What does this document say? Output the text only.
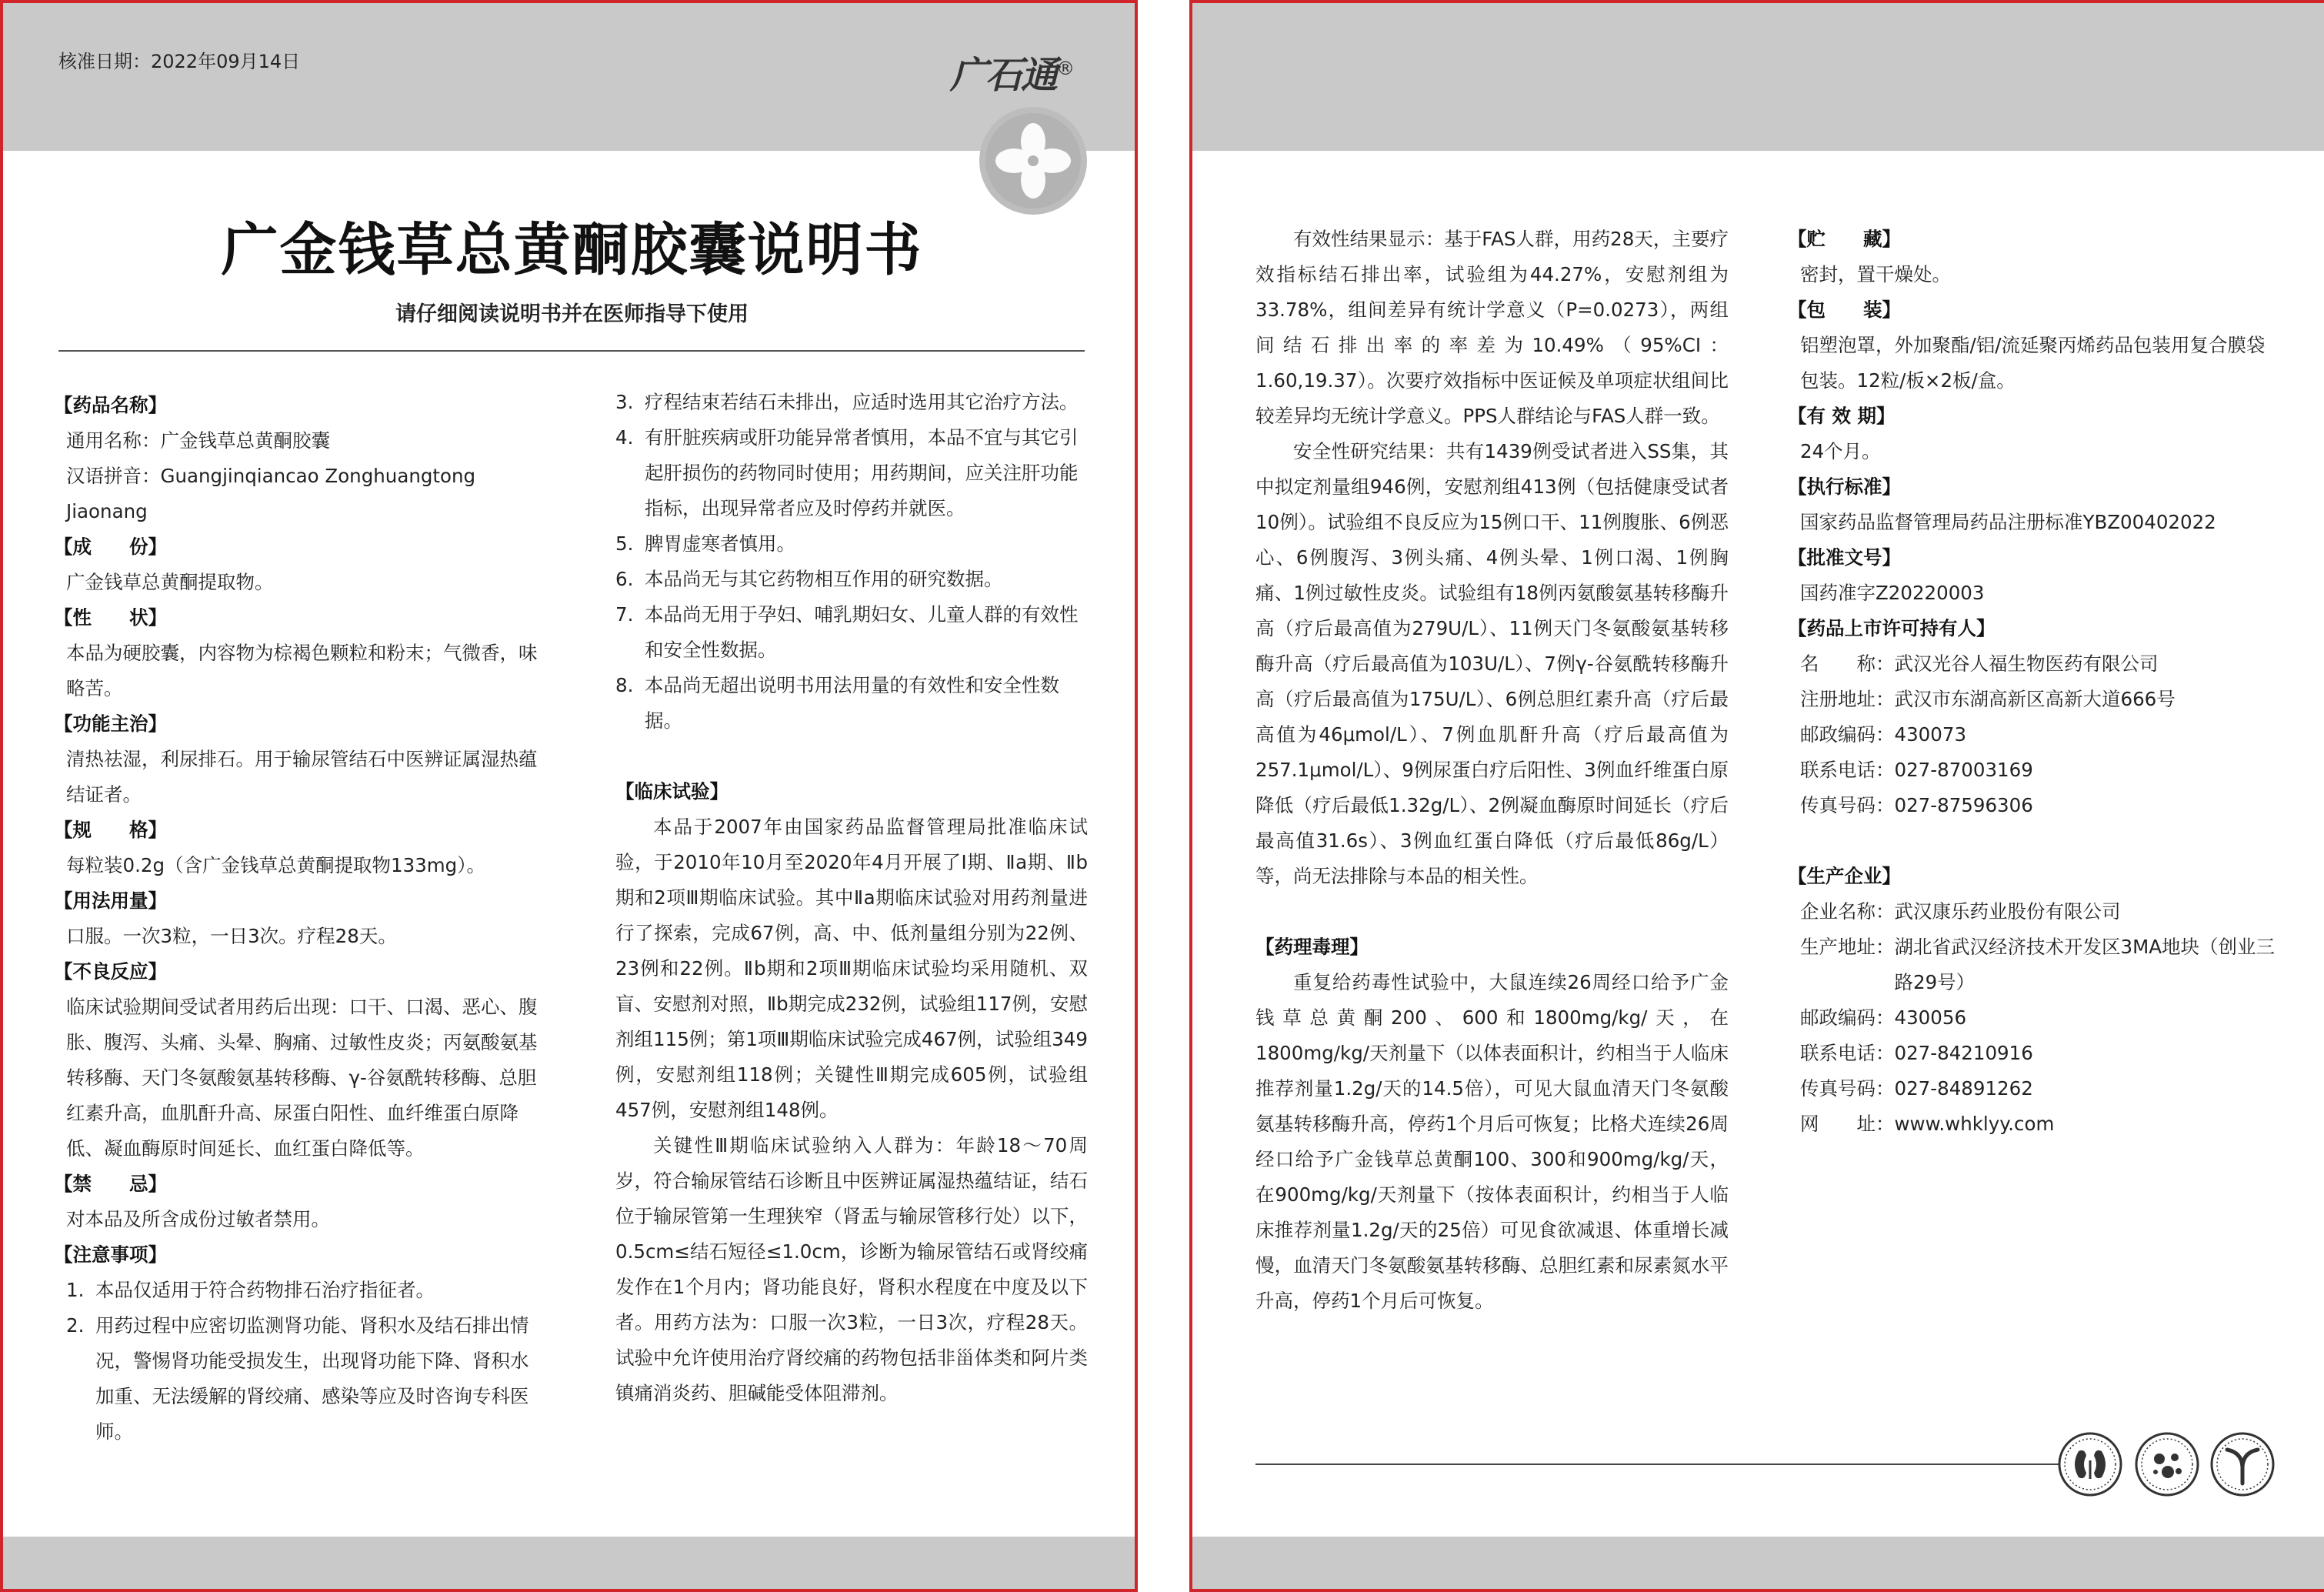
核准日期：2022年09月14日	广石通®
广金钱草总黄酮胶囊说明书
请仔细阅读说明书并在医师指导下使用

【药品名称】

通用名称：广金钱草总黄酮胶囊

汉语拼音：Guangjinqiancao Zonghuangtong Jiaonang

【成　　份】

广金钱草总黄酮提取物。

【性　　状】

本品为硬胶囊，内容物为棕褐色颗粒和粉末；气微香，味略苦。

【功能主治】

清热祛湿，利尿排石。用于输尿管结石中医辨证属湿热蕴结证者。

【规　　格】

每粒装0.2g（含广金钱草总黄酮提取物133mg）。

【用法用量】

口服。一次3粒，一日3次。疗程28天。

【不良反应】

临床试验期间受试者用药后出现：口干、口渴、恶心、腹胀、腹泻、头痛、头晕、胸痛、过敏性皮炎；丙氨酸氨基转移酶、天门冬氨酸氨基转移酶、γ-谷氨酰转移酶、总胆红素升高，血肌酐升高、尿蛋白阳性、血纤维蛋白原降低、凝血酶原时间延长、血红蛋白降低等。

【禁　　忌】

对本品及所含成份过敏者禁用。

【注意事项】

1. 本品仅适用于符合药物排石治疗指征者。
2. 用药过程中应密切监测肾功能、肾积水及结石排出情况，警惕肾功能受损发生，出现肾功能下降、肾积水加重、无法缓解的肾绞痛、感染等应及时咨询专科医师。
3. 疗程结束若结石未排出，应适时选用其它治疗方法。
4. 有肝脏疾病或肝功能异常者慎用，本品不宜与其它引起肝损伤的药物同时使用；用药期间，应关注肝功能指标，出现异常者应及时停药并就医。
5. 脾胃虚寒者慎用。
6. 本品尚无与其它药物相互作用的研究数据。
7. 本品尚无用于孕妇、哺乳期妇女、儿童人群的有效性和安全性数据。
8. 本品尚无超出说明书用法用量的有效性和安全性数据。

【临床试验】

本品于2007年由国家药品监督管理局批准临床试验，于2010年10月至2020年4月开展了Ⅰ期、Ⅱa期、Ⅱb期和2项Ⅲ期临床试验。其中Ⅱa期临床试验对用药剂量进行了探索，完成67例，高、中、低剂量组分别为22例、23例和22例。Ⅱb期和2项Ⅲ期临床试验均采用随机、双盲、安慰剂对照，Ⅱb期完成232例，试验组117例，安慰剂组115例；第1项Ⅲ期临床试验完成467例，试验组349例，安慰剂组118例；关键性Ⅲ期完成605例，试验组457例，安慰剂组148例。

关键性Ⅲ期临床试验纳入人群为：年龄18～70周岁，符合输尿管结石诊断且中医辨证属湿热蕴结证，结石位于输尿管第一生理狭窄（肾盂与输尿管移行处）以下，0.5cm≤结石短径≤1.0cm，诊断为输尿管结石或肾绞痛发作在1个月内；肾功能良好，肾积水程度在中度及以下者。用药方法为：口服一次3粒，一日3次，疗程28天。试验中允许使用治疗肾绞痛的药物包括非甾体类和阿片类镇痛消炎药、胆碱能受体阻滞剂。

有效性结果显示：基于FAS人群，用药28天，主要疗效指标结石排出率，试验组为44.27%，安慰剂组为33.78%，组间差异有统计学意义（P=0.0273），两组间结石排出率的率差为10.49%（95%CI：1.60,19.37）。次要疗效指标中医证候及单项症状组间比较差异均无统计学意义。PPS人群结论与FAS人群一致。

安全性研究结果：共有1439例受试者进入SS集，其中拟定剂量组946例，安慰剂组413例（包括健康受试者10例）。试验组不良反应为15例口干、11例腹胀、6例恶心、6例腹泻、3例头痛、4例头晕、1例口渴、1例胸痛、1例过敏性皮炎。试验组有18例丙氨酸氨基转移酶升高（疗后最高值为279U/L）、11例天门冬氨酸氨基转移酶升高（疗后最高值为103U/L）、7例γ-谷氨酰转移酶升高（疗后最高值为175U/L）、6例总胆红素升高（疗后最高值为46μmol/L）、7例血肌酐升高（疗后最高值为257.1μmol/L）、9例尿蛋白疗后阳性、3例血纤维蛋白原降低（疗后最低1.32g/L）、2例凝血酶原时间延长（疗后最高值31.6s）、3例血红蛋白降低（疗后最低86g/L）等，尚无法排除与本品的相关性。

【药理毒理】

重复给药毒性试验中，大鼠连续26周经口给予广金钱草总黄酮200、600和1800mg/kg/天，在1800mg/kg/天剂量下（以体表面积计，约相当于人临床推荐剂量1.2g/天的14.5倍），可见大鼠血清天门冬氨酸氨基转移酶升高，停药1个月后可恢复；比格犬连续26周经口给予广金钱草总黄酮100、300和900mg/kg/天，在900mg/kg/天剂量下（按体表面积计，约相当于人临床推荐剂量1.2g/天的25倍）可见食欲减退、体重增长减慢，血清天门冬氨酸氨基转移酶、总胆红素和尿素氮水平升高，停药1个月后可恢复。

【贮　　藏】

密封，置干燥处。

【包　　装】

铝塑泡罩，外加聚酯/铝/流延聚丙烯药品包装用复合膜袋包装。12粒/板×2板/盒。

【有 效 期】

24个月。

【执行标准】

国家药品监督管理局药品注册标准YBZ00402022

【批准文号】

国药准字Z20220003

【药品上市许可持有人】

名　　称： 武汉光谷人福生物医药有限公司
注册地址： 武汉市东湖高新区高新大道666号
邮政编码： 430073
联系电话： 027-87003169
传真号码： 027-87596306

【生产企业】

企业名称： 武汉康乐药业股份有限公司
生产地址： 湖北省武汉经济技术开发区3MA地块（创业三路29号）
邮政编码： 430056
联系电话： 027-84210916
传真号码： 027-84891262
网　　址： www.whklyy.com
